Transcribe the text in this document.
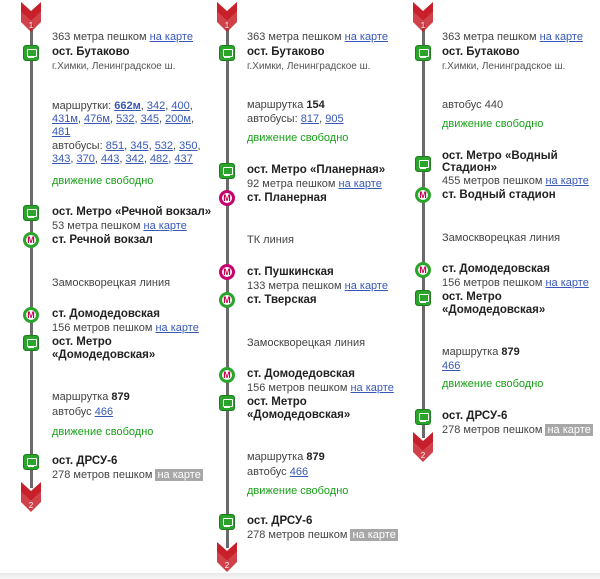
1
363 метра пешком на карте
ост. Бутаково
г.Химки, Ленинградское ш.
маршрутки: 662м, 342, 400,
431м, 476м, 532, 345, 200м,
481
автобусы: 851, 345, 532, 350,
343, 370, 443, 342, 482, 437
движение свободно
ост. Метро «Речной вокзал»
53 метра пешком на карте
M	ст. Речной вокзал
Замоскворецкая линия
M	ст. Домодедовская
156 метров пешком на карте
ост. Метро
«Домодедовская»
маршрутка 879
автобус 466
движение свободно
ост. ДРСУ-6
278 метров пешком на карте
2
1
363 метра пешком на карте
ост. Бутаково
г.Химки, Ленинградское ш.
маршрутка 154
автобусы: 817, 905
движение свободно
ост. Метро «Планерная»
92 метра пешком на карте
M	ст. Планерная
ТК линия
M	ст. Пушкинская
133 метра пешком на карте
M	ст. Тверская
Замоскворецкая линия
M	ст. Домодедовская
156 метров пешком на карте
ост. Метро
«Домодедовская»
маршрутка 879
автобус 466
движение свободно
ост. ДРСУ-6
278 метров пешком на карте
2
1
363 метра пешком на карте
ост. Бутаково
г.Химки, Ленинградское ш.
автобус 440
движение свободно
ост. Метро «Водный
Стадион»
455 метров пешком на карте
M	ст. Водный стадион
Замоскворецкая линия
M	ст. Домодедовская
156 метров пешком на карте
ост. Метро
«Домодедовская»
маршрутка 879
466
движение свободно
ост. ДРСУ-6
278 метров пешком на карте
2
